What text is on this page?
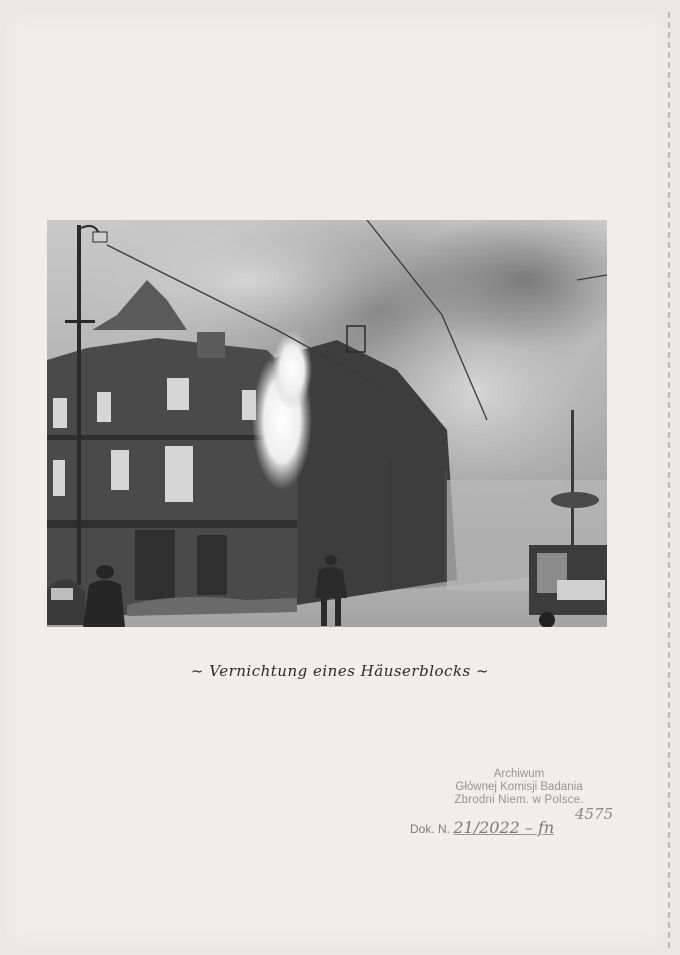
~ Vernichtung eines Häuserblocks ~
Archiwum
Głównej Komisji Badania
Zbrodni Niem. w Polsce.
Dok. N. 21/2022 – fn
4575
